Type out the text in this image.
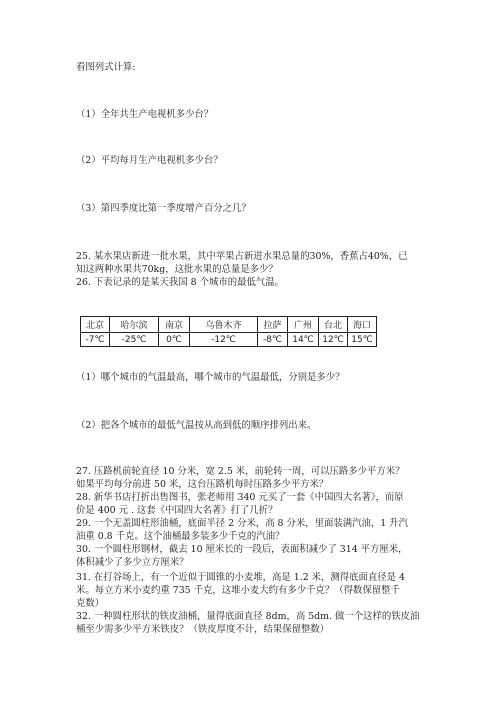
看图列式计算:
（1）全年共生产电视机多少台？
（2）平均每月生产电视机多少台？
（3）第四季度比第一季度增产百分之几？
25. 某水果店新进一批水果，其中苹果占新进水果总量的30%，香蕉占40%，已
知这两种水果共70kg，这批水果的总量是多少？
26. 下表记录的是某天我国 8 个城市的最低气温。
北京	哈尔滨	南京	乌鲁木齐	拉萨	广州	台北	海口
-7℃	-25℃	0℃	-12℃	-8℃	14℃	12℃	15℃
（1）哪个城市的气温最高，哪个城市的气温最低，分别是多少？
（2）把各个城市的最低气温按从高到低的顺序排列出来。
27. 压路机前轮直径 10 分米，宽 2.5 米，前轮转一周，可以压路多少平方米？
如果平均每分前进 50 米，这台压路机每时压路多少平方米？
28. 新华书店打折出售图书，张老师用 340 元买了一套《中国四大名著》，而原
价是 400 元 . 这套《中国四大名著》打了几折？
29. 一个无盖圆柱形油桶，底面半径 2 分米，高 8 分米，里面装满汽油，1 升汽
油重 0.8 千克。这个油桶最多装多少千克的汽油？
30. 一个圆柱形钢材，截去 10 厘米长的一段后，表面积减少了 314 平方厘米，
体积减少了多少立方厘米？
31. 在打谷场上，有一个近似于圆锥的小麦堆，高是 1.2 米，测得底面直径是 4
米。每立方米小麦约重 735 千克，这堆小麦大约有多少千克？（得数保留整千
克数）
32. 一种圆柱形状的铁皮油桶，量得底面直径 8dm，高 5dm. 做一个这样的铁皮油
桶至少需多少平方米铁皮？（铁皮厚度不计，结果保留整数）
